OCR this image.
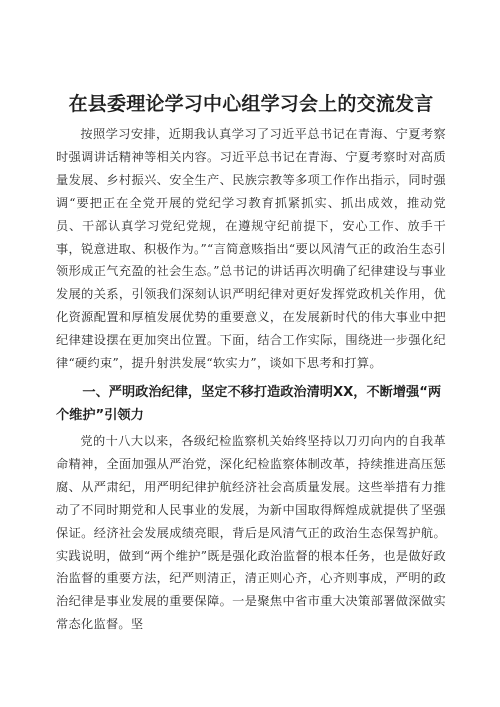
在县委理论学习中心组学习会上的交流发言

按照学习安排，近期我认真学习了习近平总书记在青海、宁夏考察时强调讲话精神等相关内容。习近平总书记在青海、宁夏考察时对高质量发展、乡村振兴、安全生产、民族宗教等多项工作作出指示，同时强调“要把正在全党开展的党纪学习教育抓紧抓实、抓出成效，推动党员、干部认真学习党纪党规，在遵规守纪前提下，安心工作、放手干事，锐意进取、积极作为。”“言简意赅指出“要以风清气正的政治生态引领形成正气充盈的社会生态。”总书记的讲话再次明确了纪律建设与事业发展的关系，引领我们深刻认识严明纪律对更好发挥党政机关作用，优化资源配置和厚植发展优势的重要意义，在发展新时代的伟大事业中把纪律建设摆在更加突出位置。下面，结合工作实际，围绕进一步强化纪律“硬约束”，提升射洪发展“软实力”，谈如下思考和打算。

一、严明政治纪律，坚定不移打造政治清明XX，不断增强“两个维护”引领力

党的十八大以来，各级纪检监察机关始终坚持以刀刃向内的自我革命精神，全面加强从严治党，深化纪检监察体制改革，持续推进高压惩腐、从严肃纪，用严明纪律护航经济社会高质量发展。这些举措有力推动了不同时期党和人民事业的发展，为新中国取得辉煌成就提供了坚强保证。经济社会发展成绩亮眼，背后是风清气正的政治生态保驾护航。实践说明，做到“两个维护”既是强化政治监督的根本任务，也是做好政治监督的重要方法，纪严则清正，清正则心齐，心齐则事成，严明的政治纪律是事业发展的重要保障。一是聚焦中省市重大决策部署做深做实常态化监督。坚
